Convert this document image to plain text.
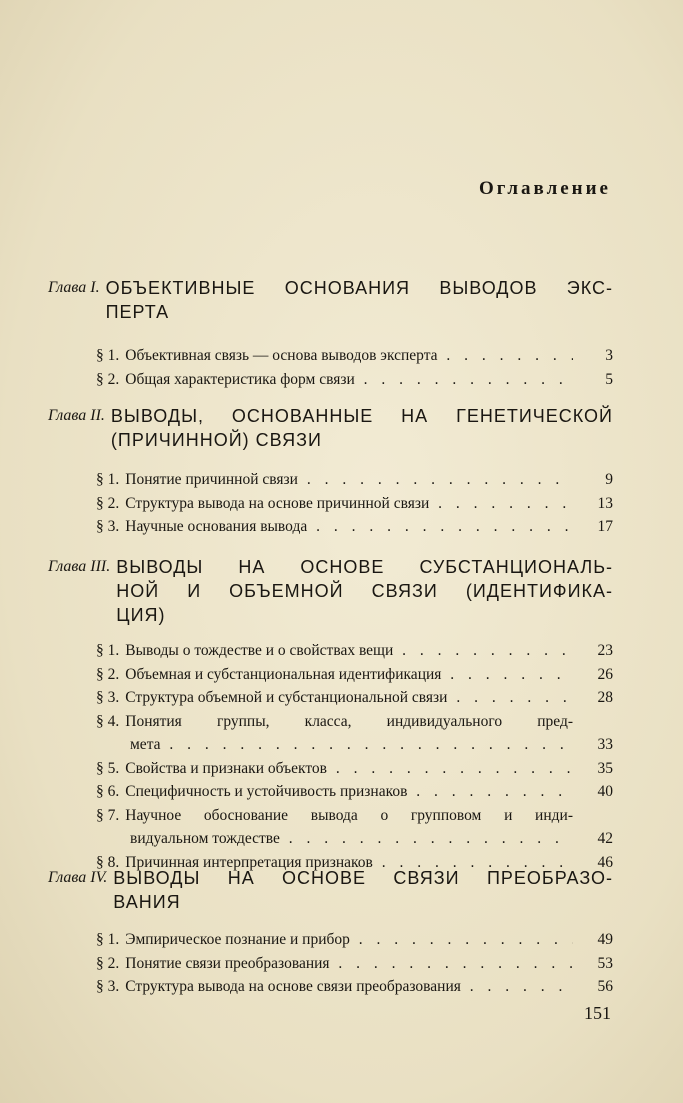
Оглавление
Глава I. ОБЪЕКТИВНЫЕ ОСНОВАНИЯ ВЫВОДОВ ЭКС-
ПЕРТА
§ 1. Объективная связь — основа выводов эксперта . . .	3
§ 2. Общая характеристика форм связи . . .	5
Глава II. ВЫВОДЫ, ОСНОВАННЫЕ НА ГЕНЕТИЧЕСКОЙ
(ПРИЧИННОЙ) СВЯЗИ
§ 1. Понятие причинной связи . . .	9
§ 2. Структура вывода на основе причинной связи . . .	13
§ 3. Научные основания вывода . . .	17
Глава III. ВЫВОДЫ НА ОСНОВЕ СУБСТАНЦИОНАЛЬ-
НОЙ И ОБЪЕМНОЙ СВЯЗИ (ИДЕНТИФИКА-
ЦИЯ)
§ 1. Выводы о тождестве и о свойствах вещи . . .	23
§ 2. Объемная и субстанциональная идентификация . . .	26
§ 3. Структура объемной и субстанциональной связи . . .	28
§ 4. Понятия группы, класса, индивидуального пред-
мета . . .	33
§ 5. Свойства и признаки объектов . . .	35
§ 6. Специфичность и устойчивость признаков . . .	40
§ 7. Научное обоснование вывода о групповом и инди-
видуальном тождестве . . .	42
§ 8. Причинная интерпретация признаков . . .	46
Глава IV. ВЫВОДЫ НА ОСНОВЕ СВЯЗИ ПРЕОБРАЗО-
ВАНИЯ
§ 1. Эмпирическое познание и прибор . . .	49
§ 2. Понятие связи преобразования . . .	53
§ 3. Структура вывода на основе связи преобразования . . .	56
151
